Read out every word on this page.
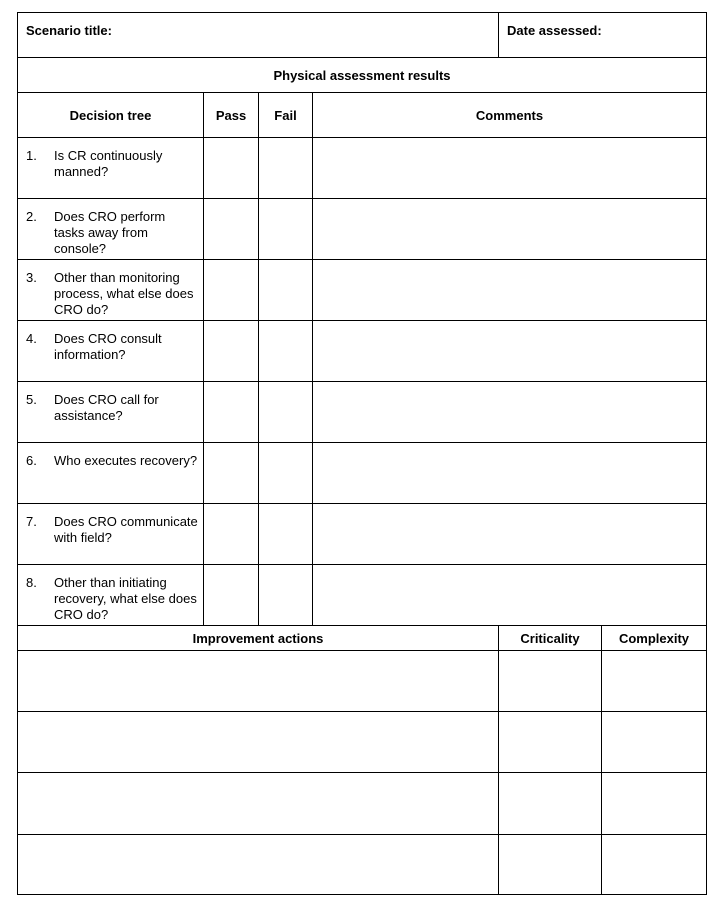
Scenario title:	Date assessed:
Physical assessment results			
Decision tree	Pass	Fail	Comments

1. Is CR continuously manned?			

2. Does CRO perform tasks away from console?			

3. Other than monitoring process, what else does CRO do?			

4. Does CRO consult information?			

5. Does CRO call for assistance?			

6. Who executes recovery?			

7. Does CRO communicate with field?			

8. Other than initiating recovery, what else does CRO do?			

Improvement actions	Criticality	Complexity
